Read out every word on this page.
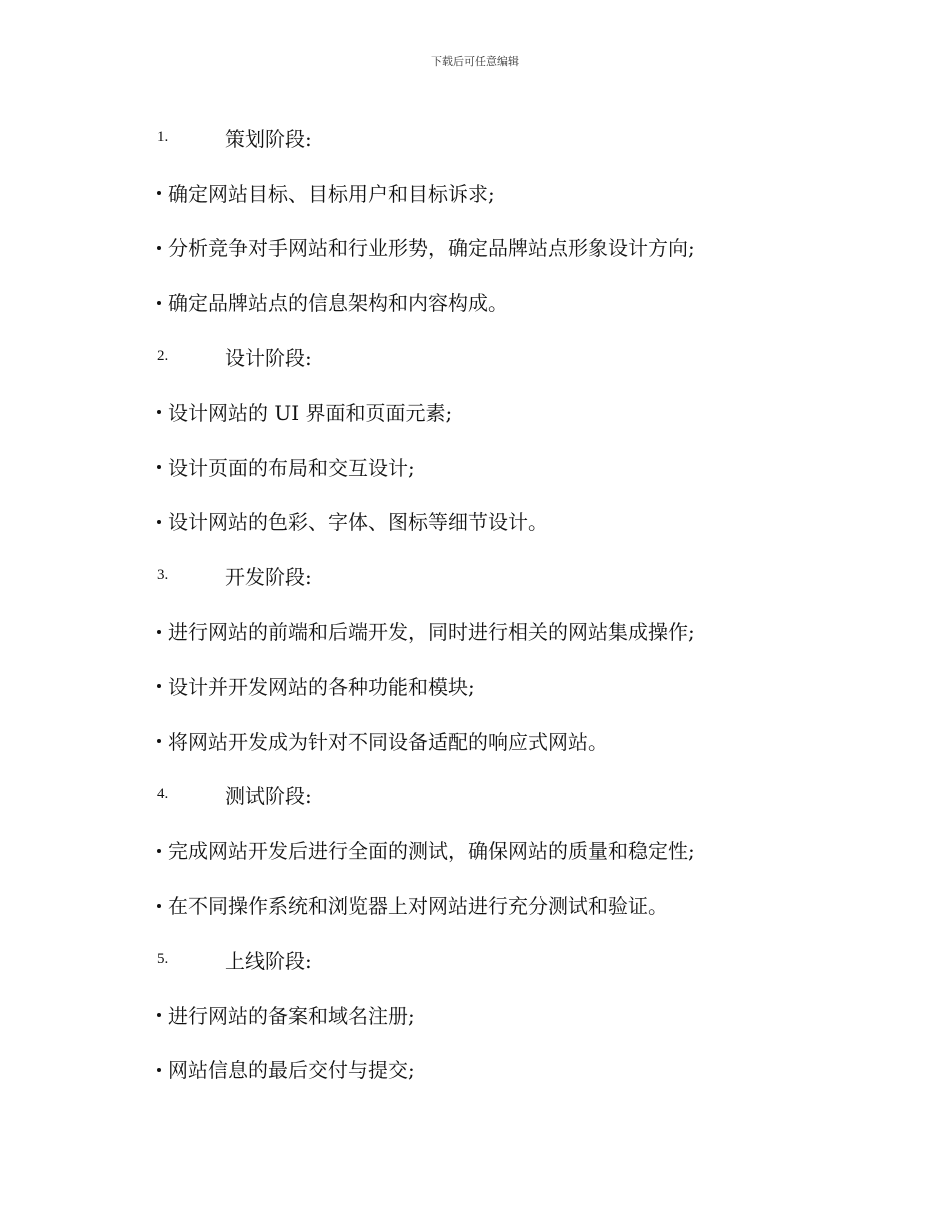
下载后可任意编辑
1.	策划阶段:
确定网站目标、目标用户和目标诉求;
分析竞争对手网站和行业形势，确定品牌站点形象设计方向;
确定品牌站点的信息架构和内容构成。
2.	设计阶段:
设计网站的 UI 界面和页面元素;
设计页面的布局和交互设计;
设计网站的色彩、字体、图标等细节设计。
3.	开发阶段:
进行网站的前端和后端开发，同时进行相关的网站集成操作;
设计并开发网站的各种功能和模块;
将网站开发成为针对不同设备适配的响应式网站。
4.	测试阶段:
完成网站开发后进行全面的测试，确保网站的质量和稳定性;
在不同操作系统和浏览器上对网站进行充分测试和验证。
5.	上线阶段:
进行网站的备案和域名注册;
网站信息的最后交付与提交;
